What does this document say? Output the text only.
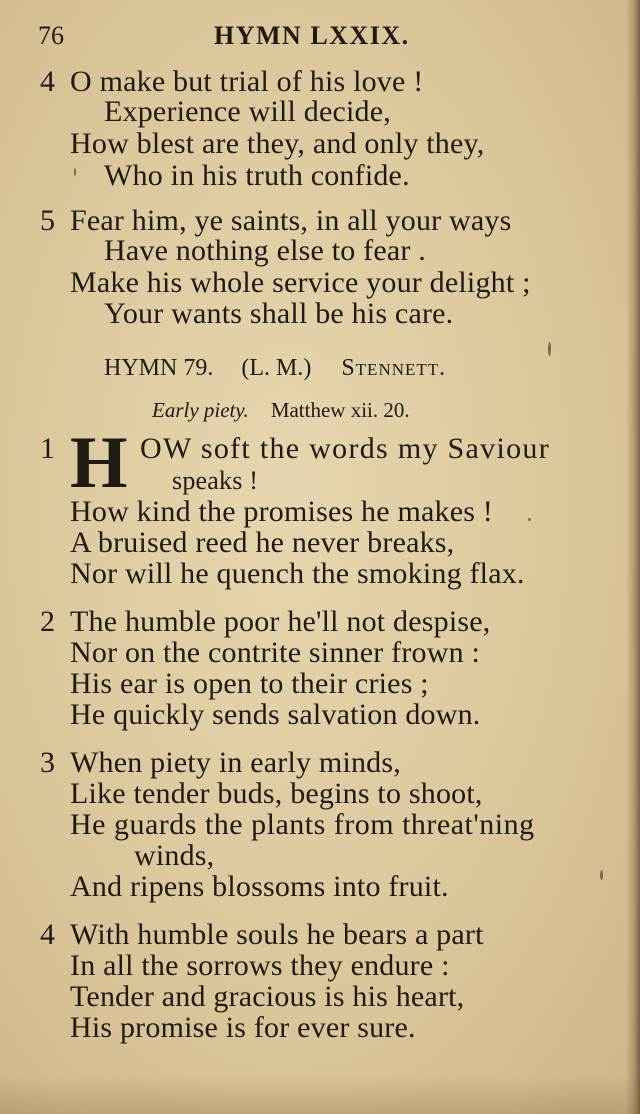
76	HYMN LXXIX.
4 O make but trial of his love !
Experience will decide,
How blest are they, and only they,
Who in his truth confide.
5 Fear him, ye saints, in all your ways
Have nothing else to fear .
Make his whole service your delight ;
Your wants shall be his care.
HYMN 79. (L. M.) Stennett.
Early piety. Matthew xii. 20.
1 H OW soft the words my Saviour
speaks !
How kind the promises he makes !
A bruised reed he never breaks,
Nor will he quench the smoking flax.
2 The humble poor he'll not despise,
Nor on the contrite sinner frown :
His ear is open to their cries ;
He quickly sends salvation down.
3 When piety in early minds,
Like tender buds, begins to shoot,
He guards the plants from threat'ning
winds,
And ripens blossoms into fruit.
4 With humble souls he bears a part
In all the sorrows they endure :
Tender and gracious is his heart,
His promise is for ever sure.
